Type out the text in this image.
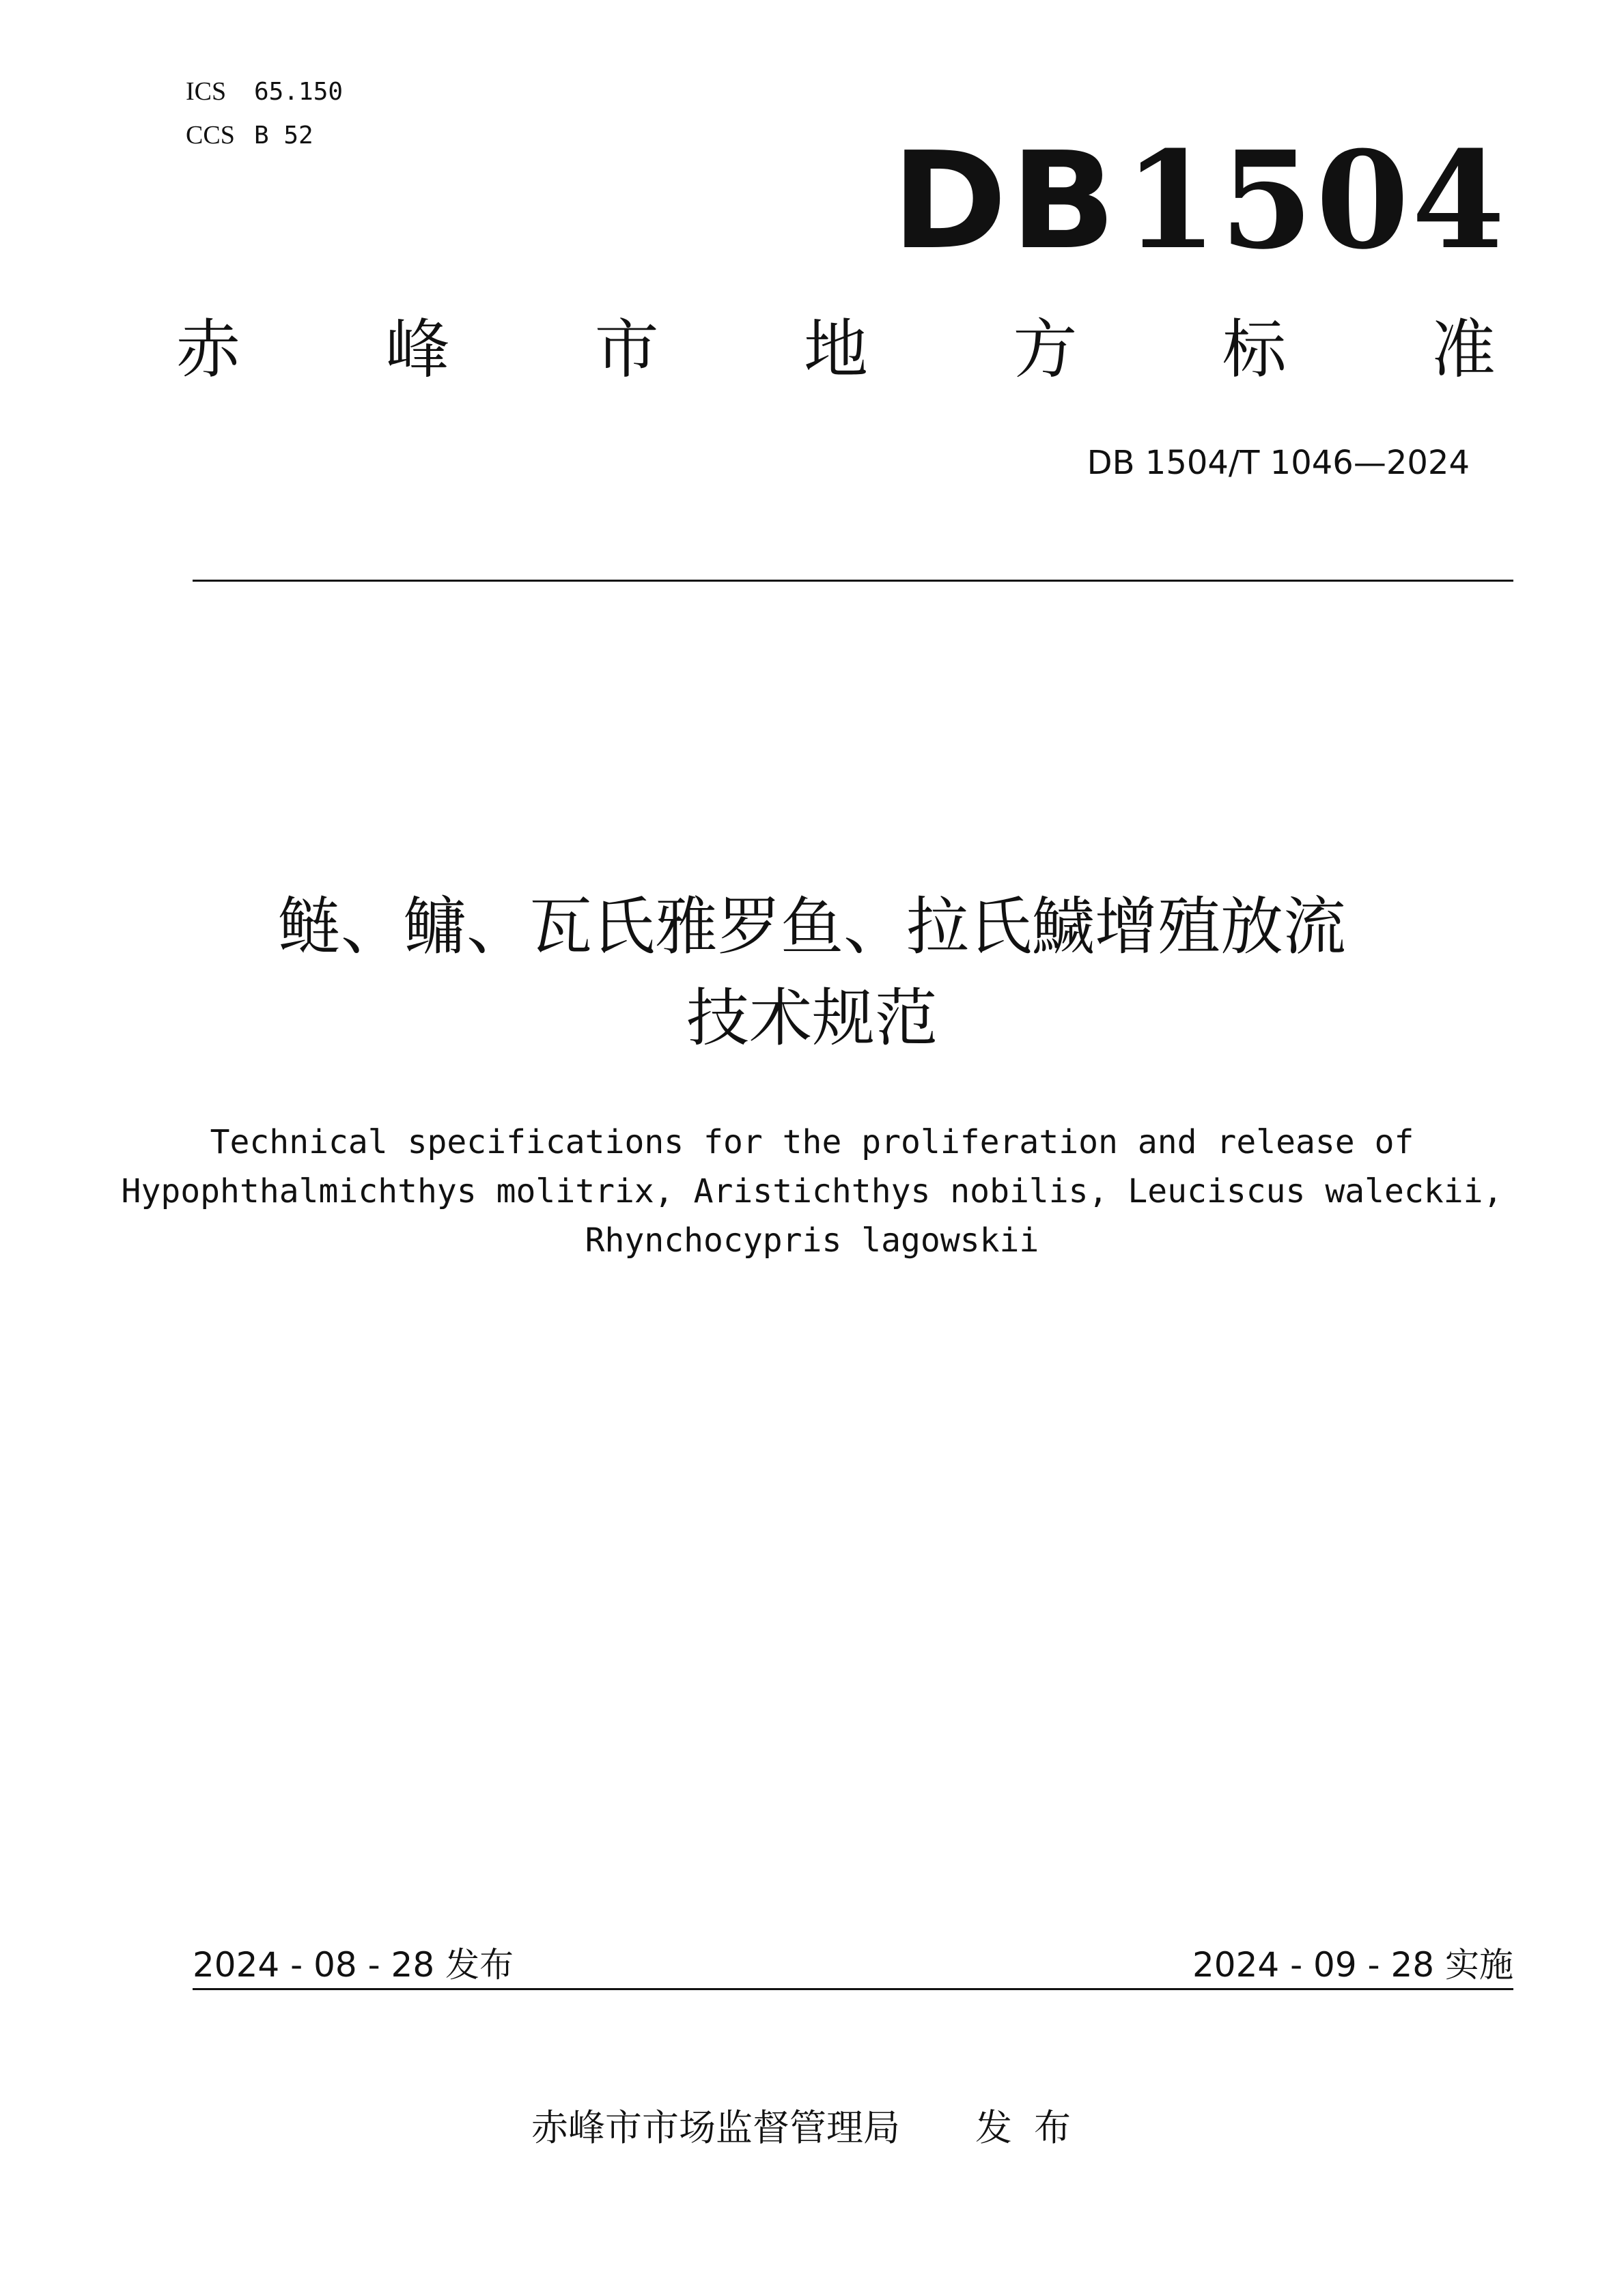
ICS 65.150
CCS B 52	DB1504
赤 峰 市 地 方 标 准
DB 1504/T 1046—2024
鲢、鳙、瓦氏雅罗鱼、拉氏鱥增殖放流
技术规范
Technical specifications for the proliferation and release of
Hypophthalmichthys molitrix, Aristichthys nobilis, Leuciscus waleckii,
Rhynchocypris lagowskii
2024 - 08 - 28 发布	2024 - 09 - 28 实施
赤峰市市场监督管理局 发布
